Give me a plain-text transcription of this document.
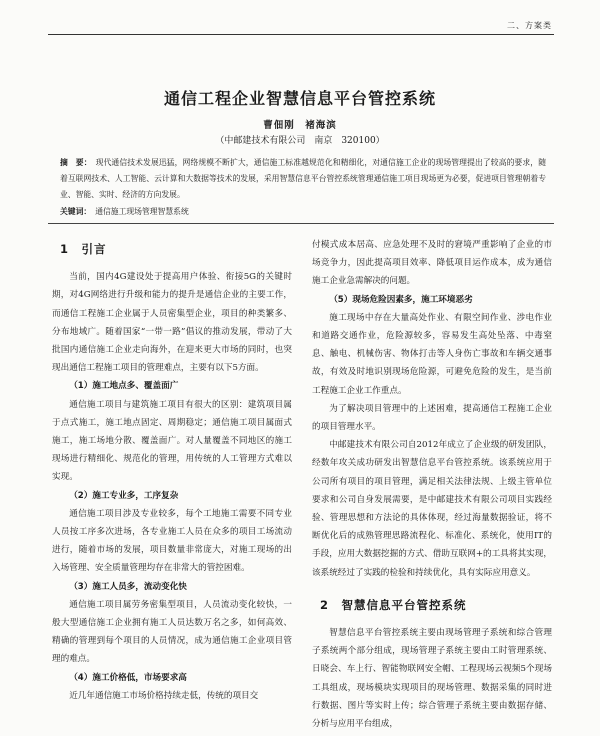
二、方案类
通信工程企业智慧信息平台管控系统
曹佃刚　褚海滨
（中邮建技术有限公司　南京　320100）
摘　要： 现代通信技术发展迅猛，网络规模不断扩大，通信施工标准越规范化和精细化，对通信施工企业的现场管理提出了较高的要求，随着互联网技术、人工智能、云计算和大数据等技术的发展，采用智慧信息平台管控系统管理通信施工项目现场更为必要，促进项目管理朝着专业、智能、实时、经济的方向发展。
关键词： 通信施工现场管理智慧系统
1　引言

当前，国内4G建设处于提高用户体验、衔接5G的关键时期，对4G网络进行升级和能力的提升是通信企业的主要工作，而通信工程施工企业属于人员密集型企业，项目的种类繁多、分布地域广。随着国家“一带一路”倡议的推动发展，带动了大批国内通信施工企业走向海外，在迎来更大市场的同时，也突现出通信工程施工项目的管理难点，主要有以下5方面。

（1）施工地点多、覆盖面广

通信施工项目与建筑施工项目有很大的区别：建筑项目属于点式施工，施工地点固定、周期稳定；通信施工项目属面式施工，施工场地分散、覆盖面广。对人量覆盖不同地区的施工现场进行精细化、规范化的管理，用传统的人工管理方式难以实现。

（2）施工专业多，工序复杂

通信施工项目涉及专业较多，每个工地施工需要不同专业人员按工序多次进场，各专业施工人员在众多的项目工场流动进行，随着市场的发展，项目数量非常庞大，对施工现场的出入场管理、安全质量管理均存在非常大的管控困难。

（3）施工人员多，流动变化快

通信施工项目属劳务密集型项目，人员流动变化较快，一般大型通信施工企业拥有施工人员达数万名之多，如何高效、精确的管理到每个项目的人员情况，成为通信施工企业项目管理的难点。

（4）施工价格低，市场要求高

近几年通信施工市场价格持续走低，传统的项目交

付模式成本居高、应急处理不及时的窘境严重影响了企业的市场竞争力，因此提高项目效率、降低项目运作成本，成为通信施工企业急需解决的问题。

（5）现场危险因素多，施工环境恶劣

施工现场中存在大量高处作业、有限空间作业、涉电作业和道路交通作业，危险源较多，容易发生高处坠落、中毒窒息、触电、机械伤害、物体打击等人身伤亡事故和车辆交通事故，有效及时地识别现场危险源，可避免危险的发生，是当前工程施工企业工作重点。

为了解决项目管理中的上述困难，提高通信工程施工企业的项目管理水平。

中邮建技术有限公司自2012年成立了企业级的研发团队，经数年攻关成功研发出智慧信息平台管控系统。该系统应用于公司所有项目的项目管理，满足相关法律法规、上级主管单位要求和公司自身发展需要，是中邮建技术有限公司项目实践经验、管理思想和方法论的具体体现，经过海量数据验证，将不断优化后的成熟管理思路流程化、标准化、系统化，使用IT的手段，应用大数据挖掘的方式、借助互联网+的工具将其实现，该系统经过了实践的检验和持续优化，具有实际应用意义。

2　智慧信息平台管控系统

智慧信息平台管控系统主要由现场管理子系统和综合管理子系统两个部分组成，现场管理子系统主要由工时管理系统、日晓会、车上行、智能物联网安全帽、工程现场云视频5个现场工具组成，现场模块实现项目的现场管理、数据采集的同时进行数据、图片等实时上传；综合管理子系统主要由数据存储、分析与应用平台组成，
